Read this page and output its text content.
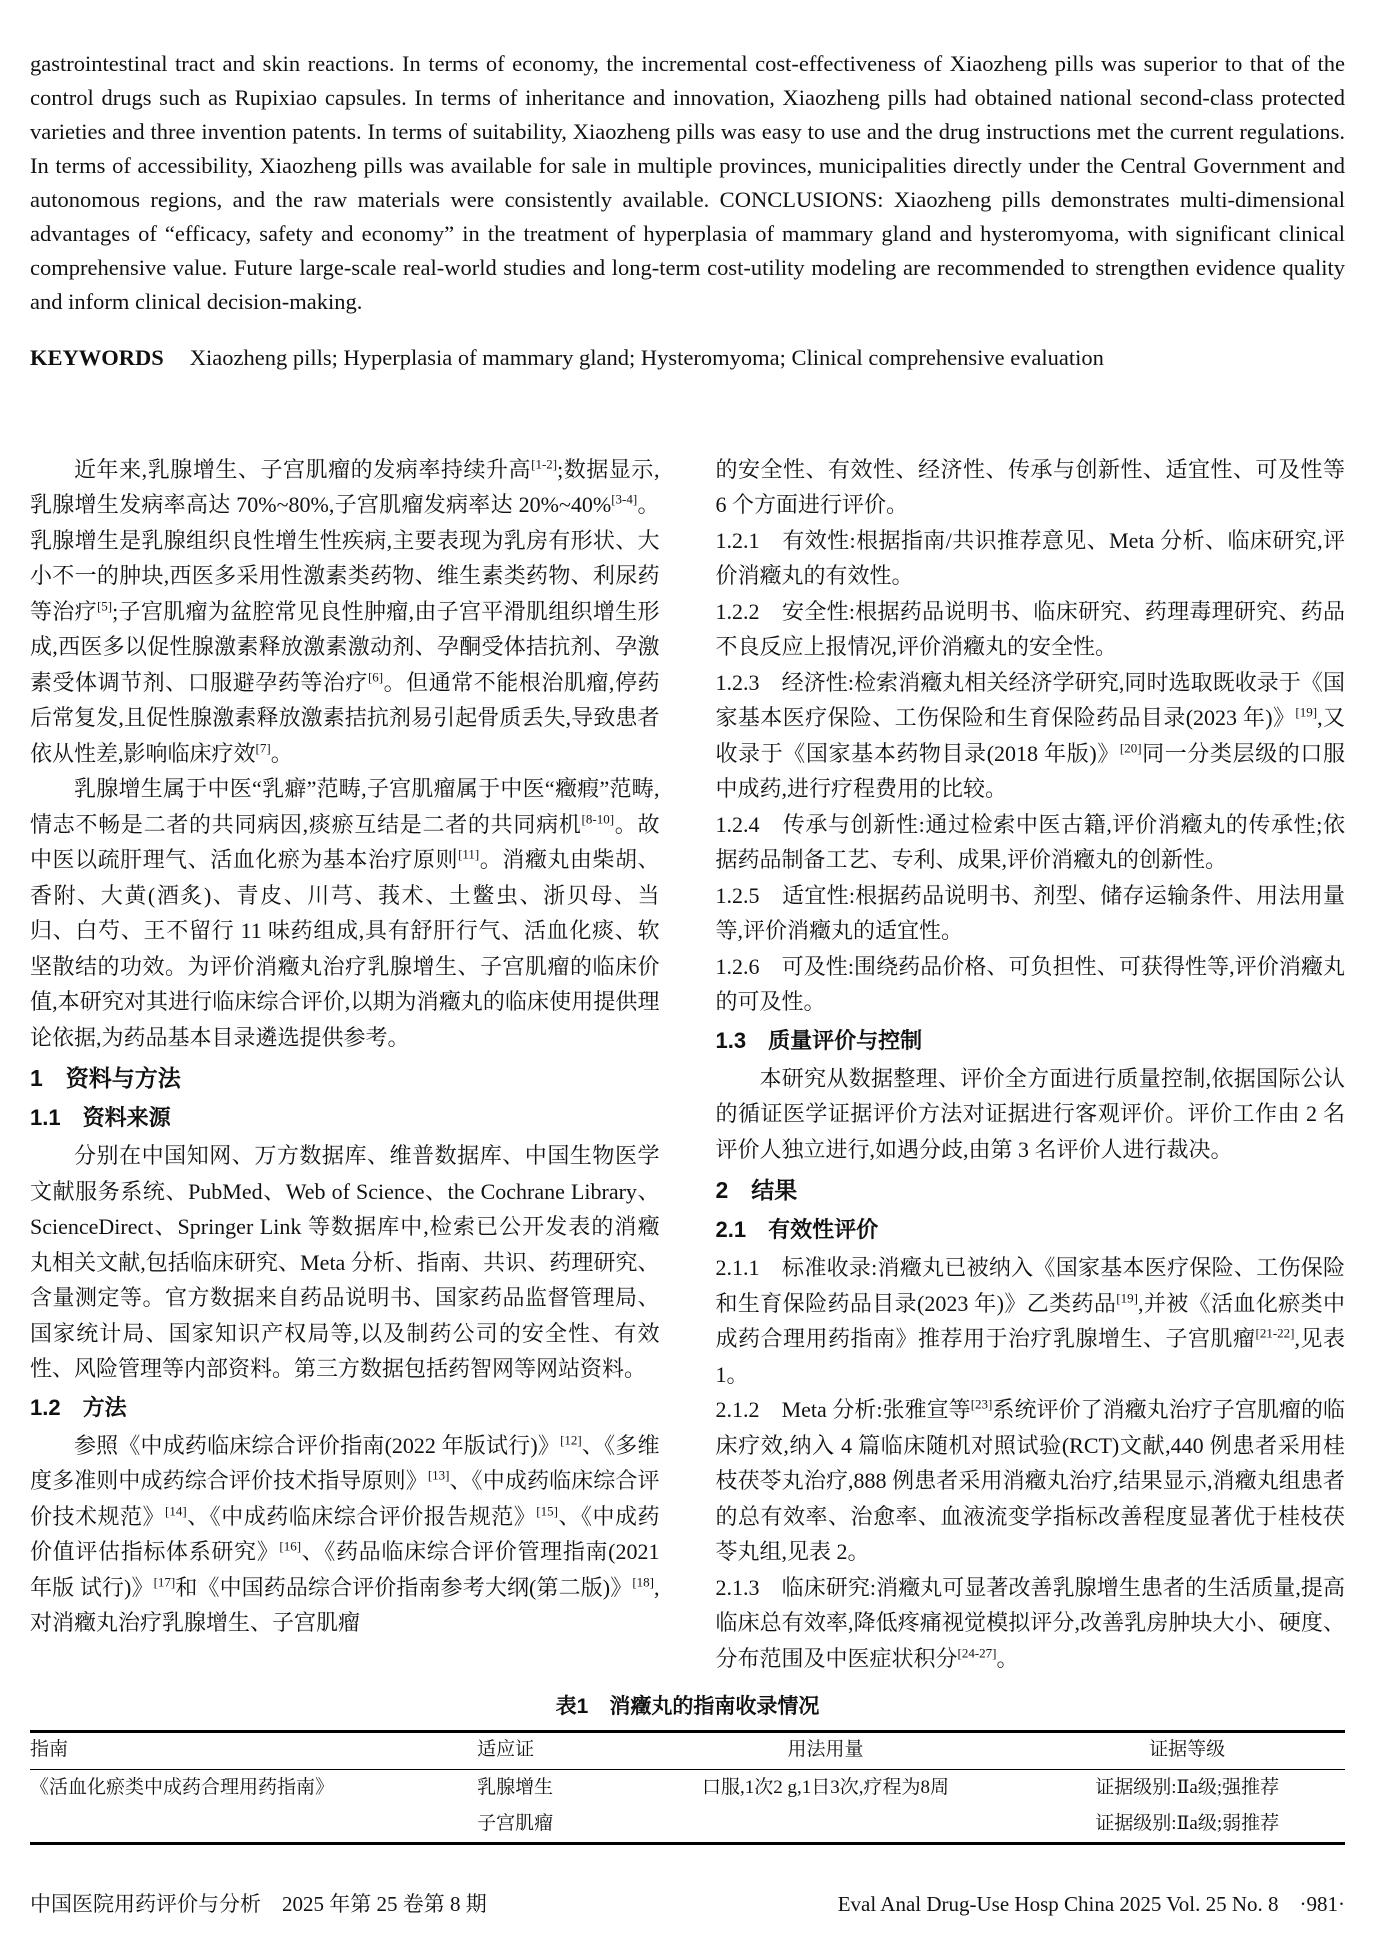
gastrointestinal tract and skin reactions. In terms of economy, the incremental cost-effectiveness of Xiaozheng pills was superior to that of the control drugs such as Rupixiao capsules. In terms of inheritance and innovation, Xiaozheng pills had obtained national second-class protected varieties and three invention patents. In terms of suitability, Xiaozheng pills was easy to use and the drug instructions met the current regulations. In terms of accessibility, Xiaozheng pills was available for sale in multiple provinces, municipalities directly under the Central Government and autonomous regions, and the raw materials were consistently available. CONCLUSIONS: Xiaozheng pills demonstrates multi-dimensional advantages of “efficacy, safety and economy” in the treatment of hyperplasia of mammary gland and hysteromyoma, with significant clinical comprehensive value. Future large-scale real-world studies and long-term cost-utility modeling are recommended to strengthen evidence quality and inform clinical decision-making.

KEYWORDS Xiaozheng pills; Hyperplasia of mammary gland; Hysteromyoma; Clinical comprehensive evaluation

近年来,乳腺增生、子宫肌瘤的发病率持续升高[1-2];数据显示,乳腺增生发病率高达 70%~80%,子宫肌瘤发病率达 20%~40%[3-4]。乳腺增生是乳腺组织良性增生性疾病,主要表现为乳房有形状、大小不一的肿块,西医多采用性激素类药物、维生素类药物、利尿药等治疗[5];子宫肌瘤为盆腔常见良性肿瘤,由子宫平滑肌组织增生形成,西医多以促性腺激素释放激素激动剂、孕酮受体拮抗剂、孕激素受体调节剂、口服避孕药等治疗[6]。但通常不能根治肌瘤,停药后常复发,且促性腺激素释放激素拮抗剂易引起骨质丢失,导致患者依从性差,影响临床疗效[7]。

乳腺增生属于中医“乳癖”范畴,子宫肌瘤属于中医“癥瘕”范畴,情志不畅是二者的共同病因,痰瘀互结是二者的共同病机[8-10]。故中医以疏肝理气、活血化瘀为基本治疗原则[11]。消癥丸由柴胡、香附、大黄(酒炙)、青皮、川芎、莪术、土鳖虫、浙贝母、当归、白芍、王不留行 11 味药组成,具有舒肝行气、活血化痰、软坚散结的功效。为评价消癥丸治疗乳腺增生、子宫肌瘤的临床价值,本研究对其进行临床综合评价,以期为消癥丸的临床使用提供理论依据,为药品基本目录遴选提供参考。

1　资料与方法
1.1　资料来源

分别在中国知网、万方数据库、维普数据库、中国生物医学文献服务系统、PubMed、Web of Science、the Cochrane Library、ScienceDirect、Springer Link 等数据库中,检索已公开发表的消癥丸相关文献,包括临床研究、Meta 分析、指南、共识、药理研究、含量测定等。官方数据来自药品说明书、国家药品监督管理局、国家统计局、国家知识产权局等,以及制药公司的安全性、有效性、风险管理等内部资料。第三方数据包括药智网等网站资料。

1.2　方法

参照《中成药临床综合评价指南(2022 年版试行)》[12]、《多维度多准则中成药综合评价技术指导原则》[13]、《中成药临床综合评价技术规范》[14]、《中成药临床综合评价报告规范》[15]、《中成药价值评估指标体系研究》[16]、《药品临床综合评价管理指南(2021 年版 试行)》[17]和《中国药品综合评价指南参考大纲(第二版)》[18],对消癥丸治疗乳腺增生、子宫肌瘤

的安全性、有效性、经济性、传承与创新性、适宜性、可及性等 6 个方面进行评价。

1.2.1　有效性:根据指南/共识推荐意见、Meta 分析、临床研究,评价消癥丸的有效性。

1.2.2　安全性:根据药品说明书、临床研究、药理毒理研究、药品不良反应上报情况,评价消癥丸的安全性。

1.2.3　经济性:检索消癥丸相关经济学研究,同时选取既收录于《国家基本医疗保险、工伤保险和生育保险药品目录(2023 年)》[19],又收录于《国家基本药物目录(2018 年版)》[20]同一分类层级的口服中成药,进行疗程费用的比较。

1.2.4　传承与创新性:通过检索中医古籍,评价消癥丸的传承性;依据药品制备工艺、专利、成果,评价消癥丸的创新性。

1.2.5　适宜性:根据药品说明书、剂型、储存运输条件、用法用量等,评价消癥丸的适宜性。

1.2.6　可及性:围绕药品价格、可负担性、可获得性等,评价消癥丸的可及性。

1.3　质量评价与控制

本研究从数据整理、评价全方面进行质量控制,依据国际公认的循证医学证据评价方法对证据进行客观评价。评价工作由 2 名评价人独立进行,如遇分歧,由第 3 名评价人进行裁决。

2　结果
2.1　有效性评价

2.1.1　标准收录:消癥丸已被纳入《国家基本医疗保险、工伤保险和生育保险药品目录(2023 年)》乙类药品[19],并被《活血化瘀类中成药合理用药指南》推荐用于治疗乳腺增生、子宫肌瘤[21-22],见表 1。

2.1.2　Meta 分析:张雅宣等[23]系统评价了消癥丸治疗子宫肌瘤的临床疗效,纳入 4 篇临床随机对照试验(RCT)文献,440 例患者采用桂枝茯苓丸治疗,888 例患者采用消癥丸治疗,结果显示,消癥丸组患者的总有效率、治愈率、血液流变学指标改善程度显著优于桂枝茯苓丸组,见表 2。

2.1.3　临床研究:消癥丸可显著改善乳腺增生患者的生活质量,提高临床总有效率,降低疼痛视觉模拟评分,改善乳房肿块大小、硬度、分布范围及中医症状积分[24-27]。

表1　消癥丸的指南收录情况
指南	适应证	用法用量	证据等级
《活血化瘀类中成药合理用药指南》	乳腺增生	口服,1次2 g,1日3次,疗程为8周	证据级别:Ⅱa级;强推荐
	子宫肌瘤		证据级别:Ⅱa级;弱推荐
中国医院用药评价与分析　2025 年第 25 卷第 8 期	Eval Anal Drug-Use Hosp China 2025 Vol. 25 No. 8　·981·
